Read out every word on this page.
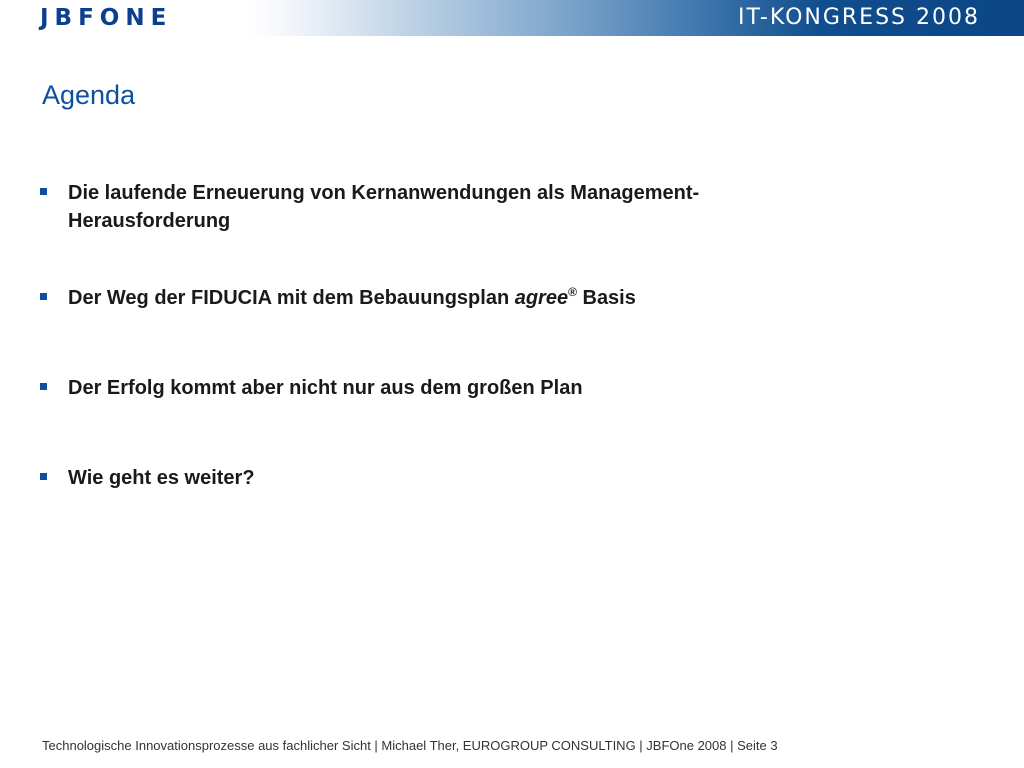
JBFONE	IT-KONGRESS 2008
Agenda
Die laufende Erneuerung von Kernanwendungen als Management-Herausforderung
Der Weg der FIDUCIA mit dem Bebauungsplan agree® Basis
Der Erfolg kommt aber nicht nur aus dem großen Plan
Wie geht es weiter?
Technologische Innovationsprozesse aus fachlicher Sicht | Michael Ther, EUROGROUP CONSULTING | JBFOne 2008 | Seite 3
